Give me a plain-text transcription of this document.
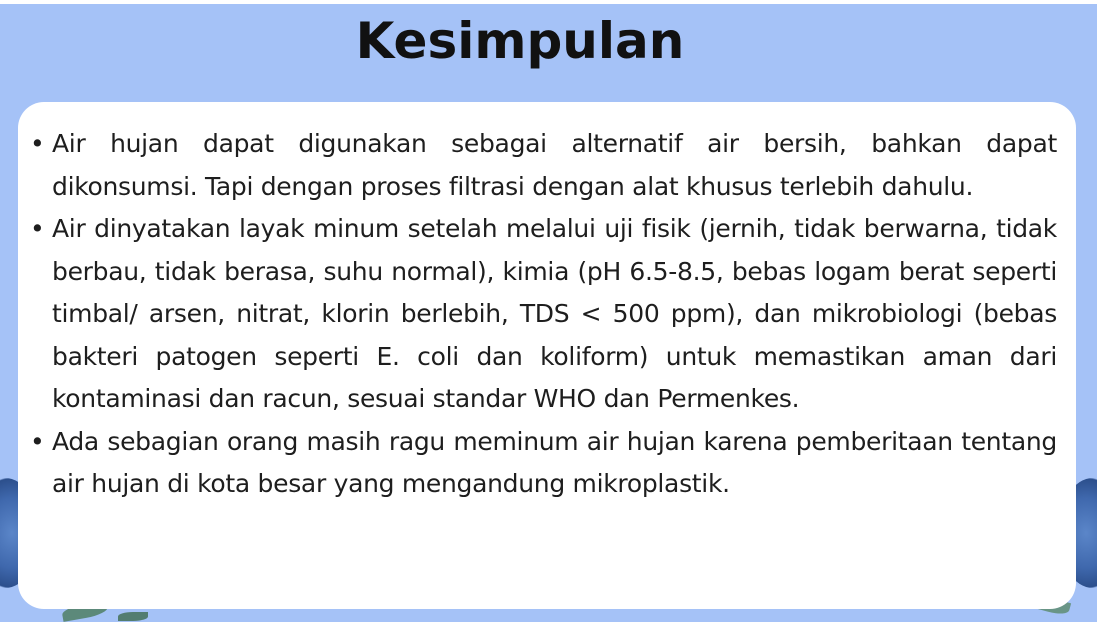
Kesimpulan
• Air hujan dapat digunakan sebagai alternatif air bersih, bahkan dapat dikonsumsi. Tapi dengan proses filtrasi dengan alat khusus terlebih dahulu.
• Air dinyatakan layak minum setelah melalui uji fisik (jernih, tidak berwarna, tidak berbau, tidak berasa, suhu normal), kimia (pH 6.5-8.5, bebas logam berat seperti timbal/ arsen, nitrat, klorin berlebih, TDS < 500 ppm), dan mikrobiologi (bebas bakteri patogen seperti E. coli dan koliform) untuk memastikan aman dari kontaminasi dan racun, sesuai standar WHO dan Permenkes.
• Ada sebagian orang masih ragu meminum air hujan karena pemberitaan tentang air hujan di kota besar yang mengandung mikroplastik.
